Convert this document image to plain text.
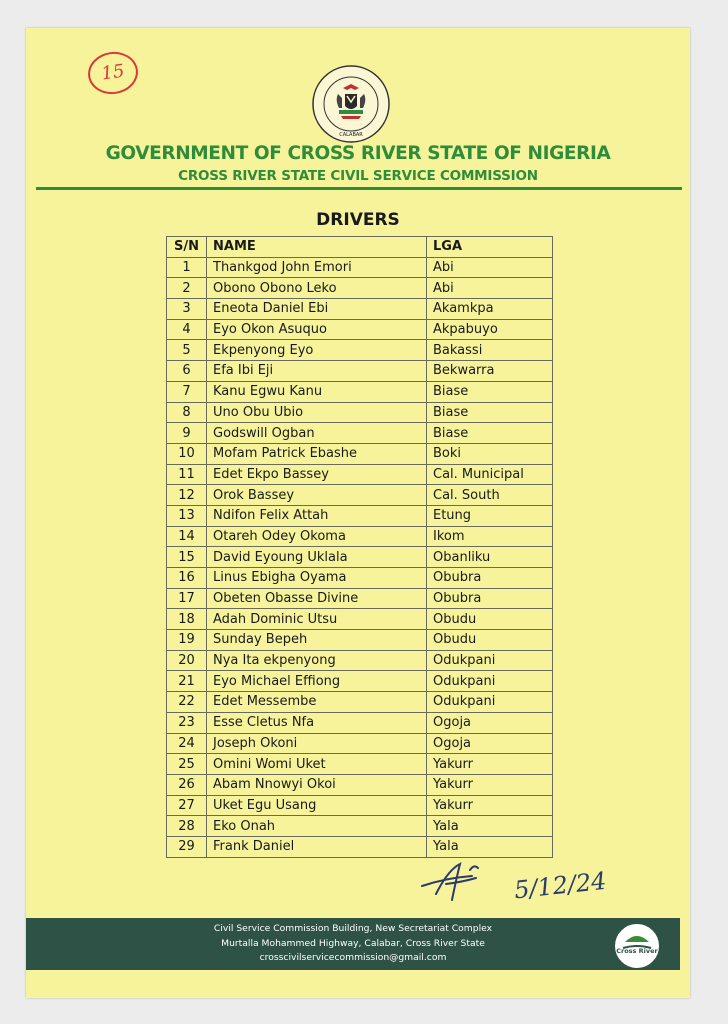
15
CALABAR
GOVERNMENT OF CROSS RIVER STATE OF NIGERIA
CROSS RIVER STATE CIVIL SERVICE COMMISSION
DRIVERS
S/N	NAME	LGA
1	Thankgod John Emori	Abi
2	Obono Obono Leko	Abi
3	Eneota Daniel Ebi	Akamkpa
4	Eyo Okon Asuquo	Akpabuyo
5	Ekpenyong Eyo	Bakassi
6	Efa Ibi Eji	Bekwarra
7	Kanu Egwu Kanu	Biase
8	Uno Obu Ubio	Biase
9	Godswill Ogban	Biase
10	Mofam Patrick Ebashe	Boki
11	Edet Ekpo Bassey	Cal. Municipal
12	Orok Bassey	Cal. South
13	Ndifon Felix Attah	Etung
14	Otareh Odey Okoma	Ikom
15	David Eyoung Uklala	Obanliku
16	Linus Ebigha Oyama	Obubra
17	Obeten Obasse Divine	Obubra
18	Adah Dominic Utsu	Obudu
19	Sunday Bepeh	Obudu
20	Nya Ita ekpenyong	Odukpani
21	Eyo Michael Effiong	Odukpani
22	Edet Messembe	Odukpani
23	Esse Cletus Nfa	Ogoja
24	Joseph Okoni	Ogoja
25	Omini Womi Uket	Yakurr
26	Abam Nnowyi Okoi	Yakurr
27	Uket Egu Usang	Yakurr
28	Eko Onah	Yala
29	Frank Daniel	Yala
5/12/24
Civil Service Commission Building, New Secretariat Complex
Murtalla Mohammed Highway, Calabar, Cross River State
crosscivilservicecommission@gmail.com
Cross River
